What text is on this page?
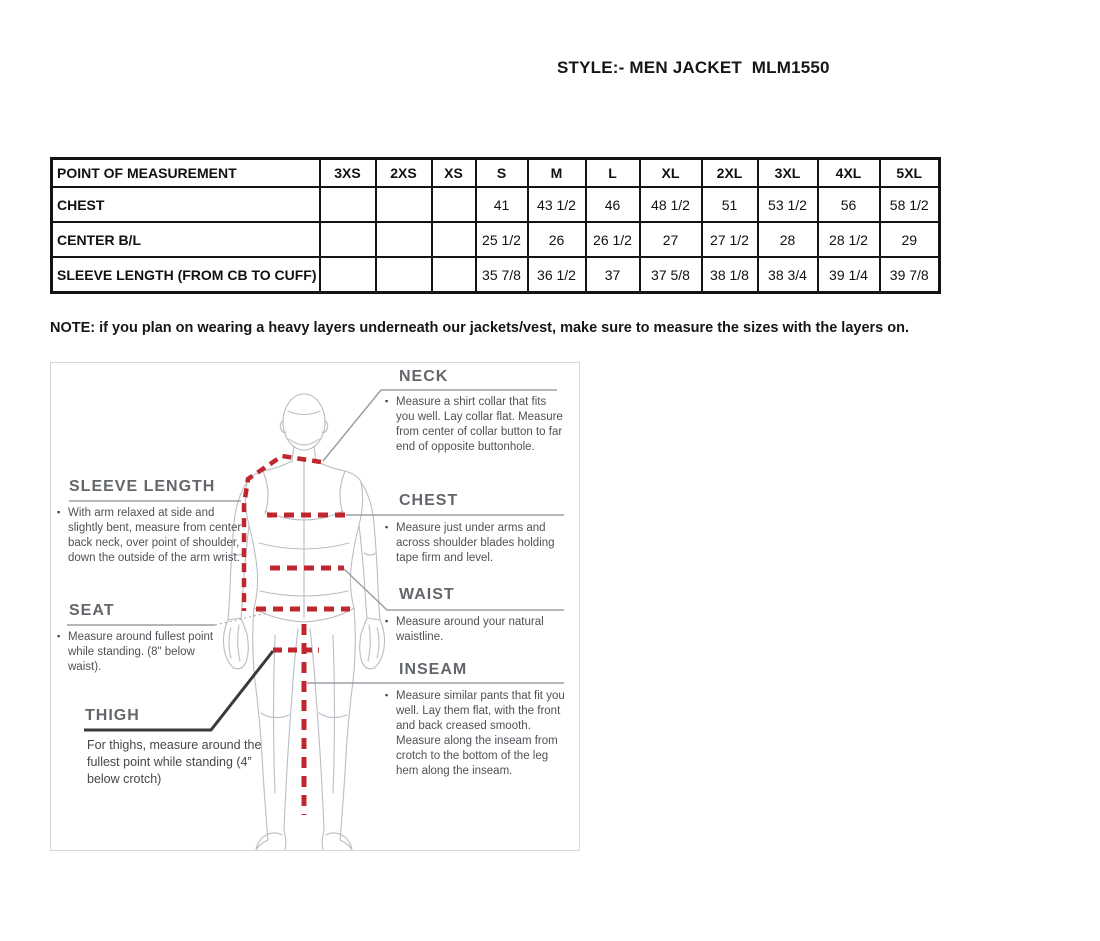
STYLE:- MEN JACKET  MLM1550
POINT OF MEASUREMENT	3XS	2XS	XS	S	M	L	XL	2XL	3XL	4XL	5XL
CHEST				41	43 1/2	46	48 1/2	51	53 1/2	56	58 1/2
CENTER B/L				25 1/2	26	26 1/2	27	27 1/2	28	28 1/2	29
SLEEVE LENGTH (FROM CB TO CUFF)				35 7/8	36 1/2	37	37 5/8	38 1/8	38 3/4	39 1/4	39 7/8
NOTE: if you plan on wearing a heavy layers underneath our jackets/vest, make sure to measure the sizes with the layers on.
NECK
▪
Measure a shirt collar that fits you well. Lay collar flat. Measure from center of collar button to far end of opposite buttonhole.
CHEST
▪
Measure just under arms and across shoulder blades holding tape firm and level.
WAIST
▪
Measure around your natural waistline.
INSEAM
▪
Measure similar pants that fit you well. Lay them flat, with the front and back creased smooth. Measure along the inseam from crotch to the bottom of the leg hem along the inseam.
SLEEVE LENGTH
▪
With arm relaxed at side and slightly bent, measure from center back neck, over point of shoulder, down the outside of the arm wrist.
SEAT
▪
Measure around fullest point while standing. (8" below waist).
THIGH
For thighs, measure around the fullest point while standing (4” below crotch)
